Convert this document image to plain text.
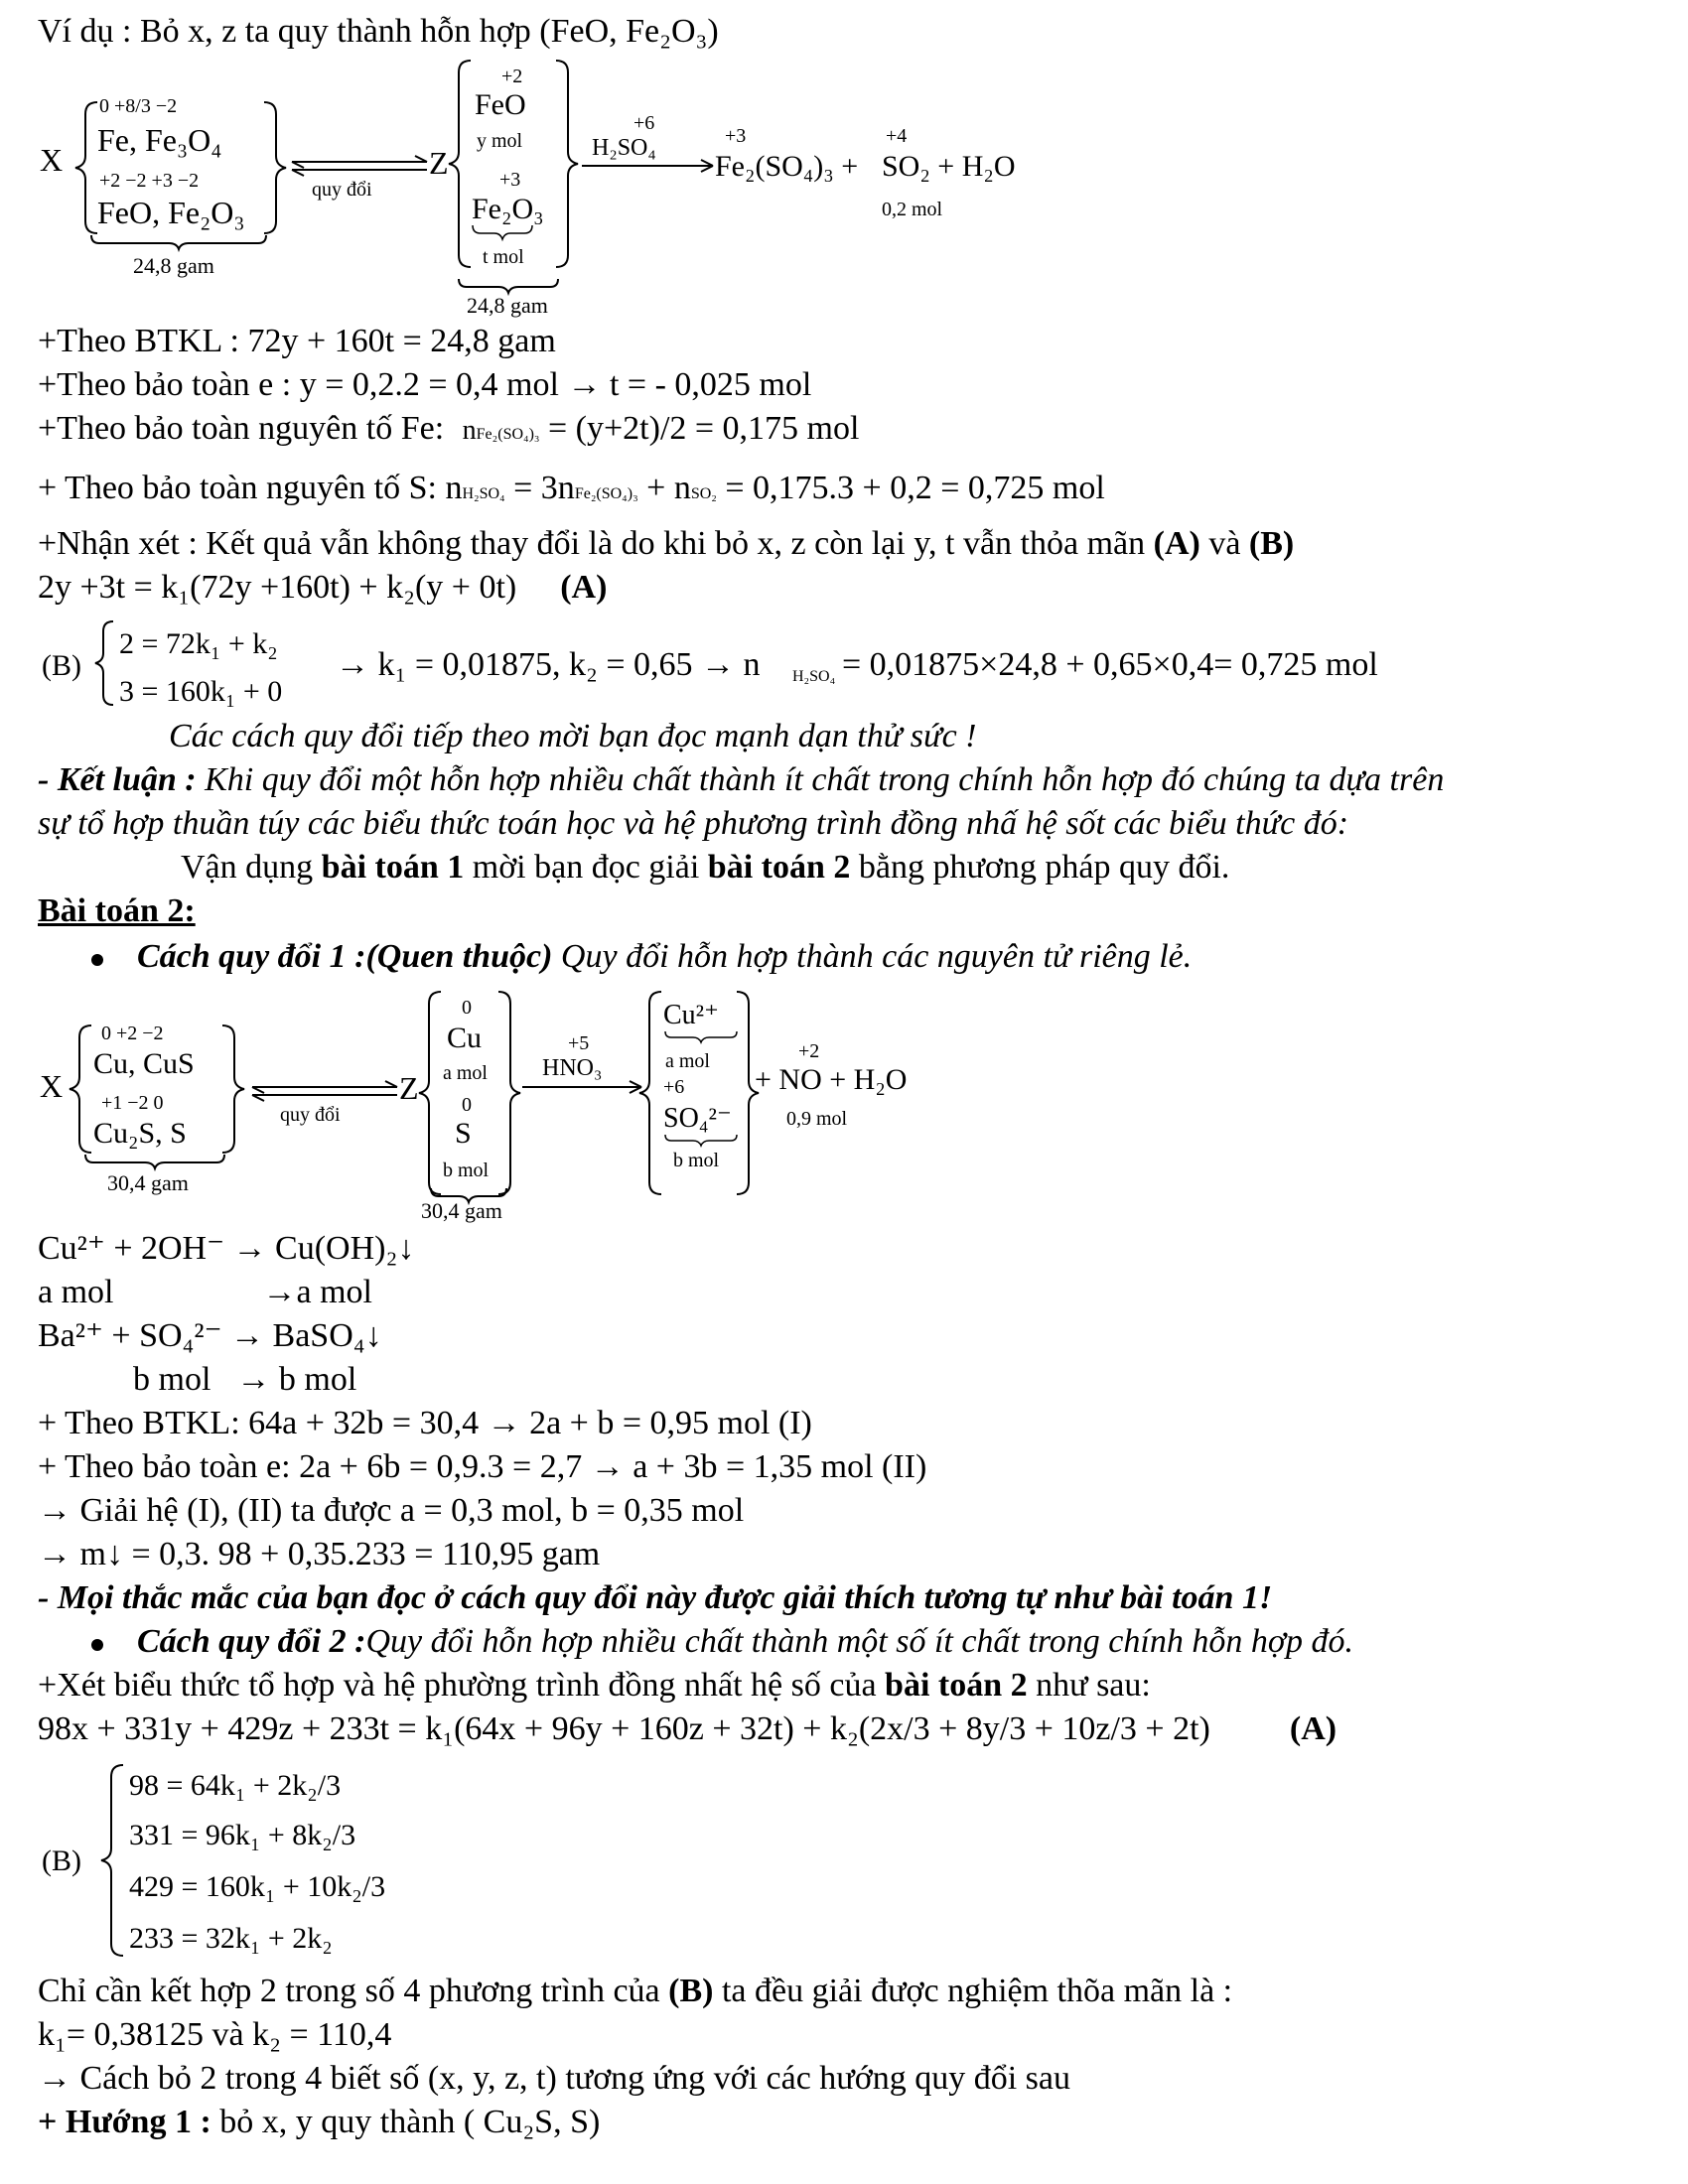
Ví dụ : Bỏ x, z ta quy thành hỗn hợp (FeO, Fe₂O₃)
X
0 +8/3 −2
Fe, Fe₃O₄
+2 −2 +3 −2
FeO, Fe₂O₃
24,8 gam
quy đổi
Z
+2
FeO
y mol
+3
Fe₂O₃
t mol
24,8 gam
+6
H₂SO₄	+3
Fe₂(SO₄)₃ +
+4
SO₂ + H₂O
0,2 mol
+Theo BTKL : 72y + 160t = 24,8 gam
+Theo bảo toàn e : y = 0,2.2 = 0,4 mol → t = - 0,025 mol
+Theo bảo toàn nguyên tố Fe: nFe₂(SO₄)₃ = (y+2t)/2 = 0,175 mol
+ Theo bảo toàn nguyên tố S: nH₂SO₄ = 3nFe₂(SO₄)₃ + nSO₂ = 0,175.3 + 0,2 = 0,725 mol
+Nhận xét : Kết quả vẫn không thay đổi là do khi bỏ x, z còn lại y, t vẫn thỏa mãn (A) và (B)
2y +3t = k₁(72y +160t) + k₂(y + 0t) (A)
(B)
2 = 72k₁ + k₂
3 = 160k₁ + 0
→ k₁ = 0,01875, k₂ = 0,65 → n H₂SO₄ = 0,01875×24,8 + 0,65×0,4= 0,725 mol
Các cách quy đổi tiếp theo mời bạn đọc mạnh dạn thử sức !
- Kết luận : Khi quy đổi một hỗn hợp nhiều chất thành ít chất trong chính hỗn hợp đó chúng ta dựa trên
sự tổ hợp thuần túy các biểu thức toán học và hệ phương trình đồng nhấ hệ sốt các biểu thức đó:
Vận dụng bài toán 1 mời bạn đọc giải bài toán 2 bằng phương pháp quy đổi.
Bài toán 2:
Cách quy đổi 1 :(Quen thuộc) Quy đổi hỗn hợp thành các nguyên tử riêng lẻ.
X
0 +2 −2
Cu, CuS
+1 −2 0
Cu₂S, S
30,4 gam
quy đổi
Z
0
Cu
a mol
0
S
b mol
30,4 gam
+5
HNO₃
Cu²⁺
a mol
+6
SO₄²⁻
b mol
+2
+ NO + H₂O
0,9 mol
Cu²⁺ + 2OH⁻ → Cu(OH)₂↓
a mol	→a mol
Ba²⁺ + SO₄²⁻ → BaSO₄↓
b mol → b mol
+ Theo BTKL: 64a + 32b = 30,4 → 2a + b = 0,95 mol (I)
+ Theo bảo toàn e: 2a + 6b = 0,9.3 = 2,7 → a + 3b = 1,35 mol (II)
→ Giải hệ (I), (II) ta được a = 0,3 mol, b = 0,35 mol
→ m↓ = 0,3. 98 + 0,35.233 = 110,95 gam
- Mọi thắc mắc của bạn đọc ở cách quy đổi này được giải thích tương tự như bài toán 1!
Cách quy đổi 2 :Quy đổi hỗn hợp nhiều chất thành một số ít chất trong chính hỗn hợp đó.
+Xét biểu thức tổ hợp và hệ phường trình đồng nhất hệ số của bài toán 2 như sau:
98x + 331y + 429z + 233t = k₁(64x + 96y + 160z + 32t) + k₂(2x/3 + 8y/3 + 10z/3 + 2t) (A)
(B)
98 = 64k₁ + 2k₂/3
331 = 96k₁ + 8k₂/3
429 = 160k₁ + 10k₂/3
233 = 32k₁ + 2k₂
Chỉ cần kết hợp 2 trong số 4 phương trình của (B) ta đều giải được nghiệm thõa mãn là :
k₁= 0,38125 và k₂ = 110,4
→ Cách bỏ 2 trong 4 biết số (x, y, z, t) tương ứng với các hướng quy đổi sau
+ Hướng 1 : bỏ x, y quy thành ( Cu₂S, S)
